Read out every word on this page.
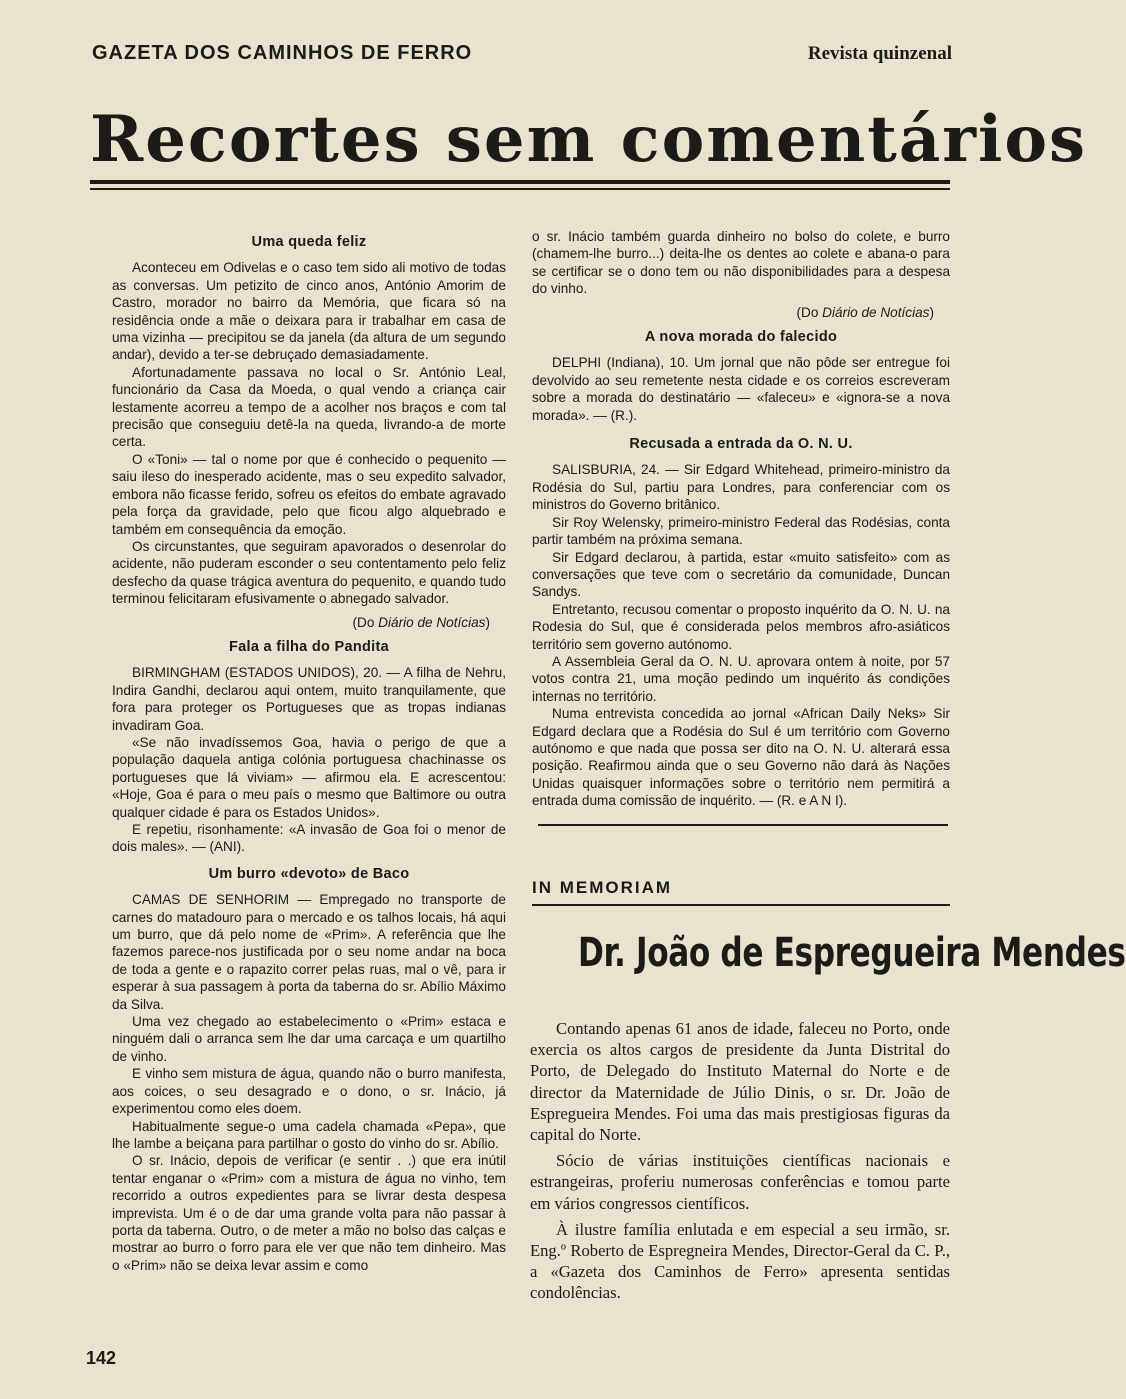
GAZETA DOS CAMINHOS DE FERRO	Revista quinzenal
Recortes sem comentários
Uma queda feliz

Aconteceu em Odivelas e o caso tem sido ali motivo de todas as conversas. Um petizito de cinco anos, António Amorim de Castro, morador no bairro da Memória, que ficara só na residência onde a mãe o deixara para ir trabalhar em casa de uma vizinha — precipitou se da janela (da altura de um segundo andar), devido a ter-se debruçado demasiadamente.

Afortunadamente passava no local o Sr. António Leal, funcionário da Casa da Moeda, o qual vendo a criança cair lestamente acorreu a tempo de a acolher nos braços e com tal precisão que conseguiu detê-la na queda, livrando-a de morte certa.

O «Toni» — tal o nome por que é conhecido o pequenito — saiu ileso do inesperado acidente, mas o seu expedito salvador, embora não ficasse ferido, sofreu os efeitos do embate agravado pela força da gravidade, pelo que ficou algo alquebrado e também em consequência da emoção.

Os circunstantes, que seguiram apavorados o desenrolar do acidente, não puderam esconder o seu contentamento pelo feliz desfecho da quase trágica aventura do pequenito, e quando tudo terminou felicitaram efusivamente o abnegado salvador.

(Do Diário de Notícias)
Fala a filha do Pandita

BIRMINGHAM (ESTADOS UNIDOS), 20. — A filha de Nehru, Indira Gandhi, declarou aqui ontem, muito tranquilamente, que fora para proteger os Portugueses que as tropas indianas invadiram Goa.

«Se não invadíssemos Goa, havia o perigo de que a população daquela antiga colónia portuguesa chachinasse os portugueses que lá viviam» — afirmou ela. E acrescentou: «Hoje, Goa é para o meu país o mesmo que Baltimore ou outra qualquer cidade é para os Estados Unidos».

E repetiu, risonhamente: «A invasão de Goa foi o menor de dois males». — (ANI).

Um burro «devoto» de Baco

CAMAS DE SENHORIM — Empregado no transporte de carnes do matadouro para o mercado e os talhos locais, há aqui um burro, que dá pelo nome de «Prim». A referência que lhe fazemos parece-nos justificada por o seu nome andar na boca de toda a gente e o rapazito correr pelas ruas, mal o vê, para ir esperar à sua passagem à porta da taberna do sr. Abílio Máximo da Silva.

Uma vez chegado ao estabelecimento o «Prim» estaca e ninguém dali o arranca sem lhe dar uma carcaça e um quartilho de vinho.

E vinho sem mistura de água, quando não o burro manifesta, aos coices, o seu desagrado e o dono, o sr. Inácio, já experimentou como eles doem.

Habitualmente segue-o uma cadela chamada «Pepa», que lhe lambe a beiçana para partilhar o gosto do vinho do sr. Abílio.

O sr. Inácio, depois de verificar (e sentir . .) que era inútil tentar enganar o «Prim» com a mistura de água no vinho, tem recorrido a outros expedientes para se livrar desta despesa imprevista. Um é o de dar uma grande volta para não passar à porta da taberna. Outro, o de meter a mão no bolso das calças e mostrar ao burro o forro para ele ver que não tem dinheiro. Mas o «Prim» não se deixa levar assim e como

o sr. Inácio também guarda dinheiro no bolso do colete, e burro (chamem-lhe burro...) deita-lhe os dentes ao colete e abana-o para se certificar se o dono tem ou não disponibilidades para a despesa do vinho.

(Do Diário de Notícias)
A nova morada do falecido

DELPHI (Indiana), 10. Um jornal que não pôde ser entregue foi devolvido ao seu remetente nesta cidade e os correios escreveram sobre a morada do destinatário — «faleceu» e «ignora-se a nova morada». — (R.).

Recusada a entrada da O. N. U.

SALISBURIA, 24. — Sir Edgard Whitehead, primeiro-ministro da Rodésia do Sul, partiu para Londres, para conferenciar com os ministros do Governo britânico.

Sir Roy Welensky, primeiro-ministro Federal das Rodésias, conta partir também na próxima semana.

Sir Edgard declarou, à partida, estar «muito satisfeito» com as conversações que teve com o secretário da comunidade, Duncan Sandys.

Entretanto, recusou comentar o proposto inquérito da O. N. U. na Rodesia do Sul, que é considerada pelos membros afro-asiáticos território sem governo autónomo.

A Assembleia Geral da O. N. U. aprovara ontem à noite, por 57 votos contra 21, uma moção pedindo um inquérito ás condições internas no território.

Numa entrevista concedida ao jornal «African Daily Neks» Sir Edgard declara que a Rodésia do Sul é um território com Governo autónomo e que nada que possa ser dito na O. N. U. alterará essa posição. Reafirmou ainda que o seu Governo não dará às Nações Unidas quaisquer informações sobre o território nem permitirá a entrada duma comissão de inquérito. — (R. e A N I).

IN MEMORIAM
Dr. João de Espregueira Mendes

Contando apenas 61 anos de idade, faleceu no Porto, onde exercia os altos cargos de presidente da Junta Distrital do Porto, de Delegado do Instituto Maternal do Norte e de director da Maternidade de Júlio Dinis, o sr. Dr. João de Espregueira Mendes. Foi uma das mais prestigiosas figuras da capital do Norte.

Sócio de várias instituições científicas nacionais e estrangeiras, proferiu numerosas conferências e tomou parte em vários congressos científicos.

À ilustre família enlutada e em especial a seu irmão, sr. Eng.º Roberto de Espregneira Mendes, Director-Geral da C. P., a «Gazeta dos Caminhos de Ferro» apresenta sentidas condolências.

142
